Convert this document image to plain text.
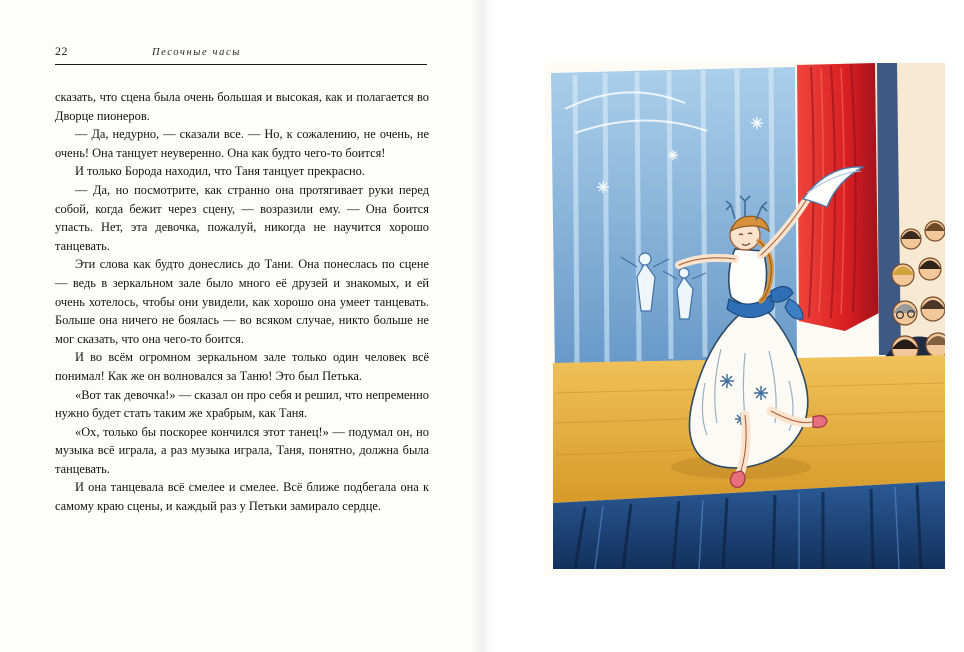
22	Песочные часы

сказать, что сцена была очень большая и высокая, как и полагается во Дворце пионеров.

— Да, недурно, — сказали все. — Но, к сожалению, не очень, не очень! Она танцует неуверенно. Она как будто чего-то боится!

И только Борода находил, что Таня танцует прекрасно.

— Да, но посмотрите, как странно она протягивает руки перед собой, когда бежит через сцену, — возразили ему. — Она боится упасть. Нет, эта девочка, пожалуй, никогда не научится хорошо танцевать.

Эти слова как будто донеслись до Тани. Она понеслась по сцене — ведь в зеркальном зале было много её друзей и знакомых, и ей очень хотелось, чтобы они увидели, как хорошо она умеет танцевать. Больше она ничего не боялась — во всяком случае, никто больше не мог сказать, что она чего-то боится.

И во всём огромном зеркальном зале только один человек всё понимал! Как же он волновался за Таню! Это был Петька.

«Вот так девочка!» — сказал он про себя и решил, что непременно нужно будет стать таким же храбрым, как Таня.

«Ох, только бы поскорее кончился этот танец!» — подумал он, но музыка всё играла, а раз музыка играла, Таня, понятно, должна была танцевать.

И она танцевала всё смелее и смелее. Всё ближе подбегала она к самому краю сцены, и каждый раз у Петьки замирало сердце.
